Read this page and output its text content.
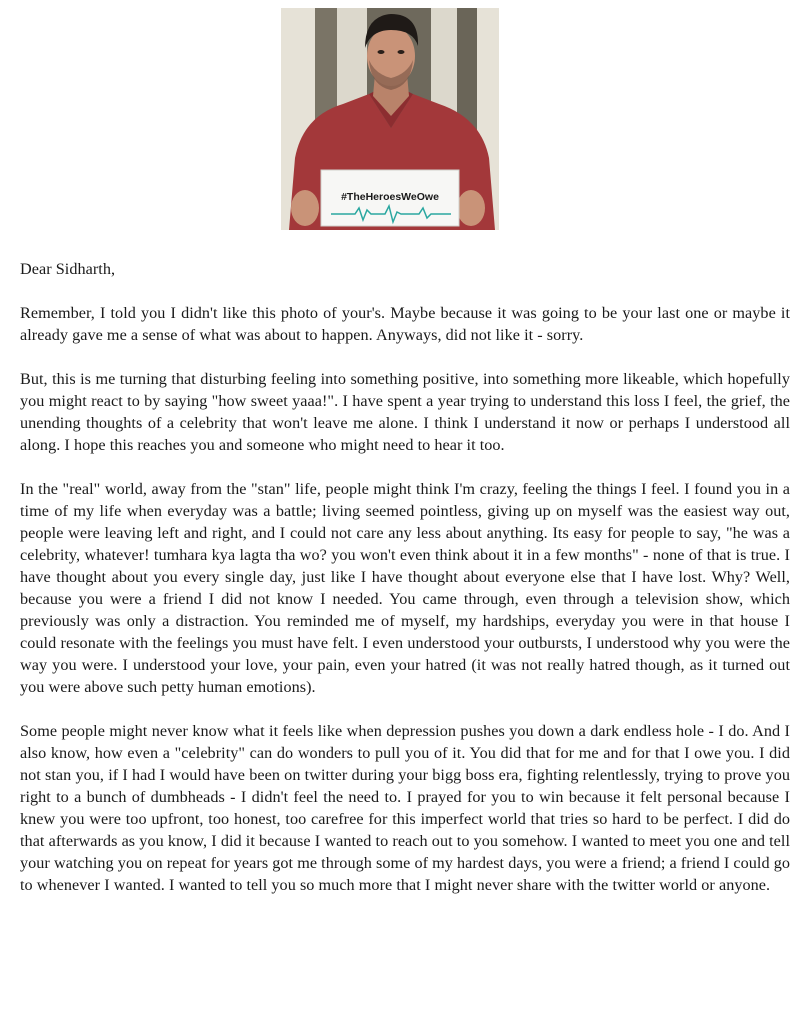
#TheHeroesWeOwe

Dear Sidharth,

Remember, I told you I didn't like this photo of your's. Maybe because it was going to be your last one or maybe it already gave me a sense of what was about to happen. Anyways, did not like it - sorry.

But, this is me turning that disturbing feeling into something positive, into something more likeable, which hopefully you might react to by saying "how sweet yaaa!". I have spent a year trying to understand this loss I feel, the grief, the unending thoughts of a celebrity that won't leave me alone. I think I understand it now or perhaps I understood all along. I hope this reaches you and someone who might need to hear it too.

In the "real" world, away from the "stan" life, people might think I'm crazy, feeling the things I feel. I found you in a time of my life when everyday was a battle; living seemed pointless, giving up on myself was the easiest way out, people were leaving left and right, and I could not care any less about anything. Its easy for people to say, "he was a celebrity, whatever! tumhara kya lagta tha wo? you won't even think about it in a few months" - none of that is true. I have thought about you every single day, just like I have thought about everyone else that I have lost. Why? Well, because you were a friend I did not know I needed. You came through, even through a television show, which previously was only a distraction. You reminded me of myself, my hardships, everyday you were in that house I could resonate with the feelings you must have felt. I even understood your outbursts, I understood why you were the way you were. I understood your love, your pain, even your hatred (it was not really hatred though, as it turned out you were above such petty human emotions).

Some people might never know what it feels like when depression pushes you down a dark endless hole - I do. And I also know, how even a "celebrity" can do wonders to pull you of it. You did that for me and for that I owe you. I did not stan you, if I had I would have been on twitter during your bigg boss era, fighting relentlessly, trying to prove you right to a bunch of dumbheads - I didn't feel the need to. I prayed for you to win because it felt personal because I knew you were too upfront, too honest, too carefree for this imperfect world that tries so hard to be perfect. I did do that afterwards as you know, I did it because I wanted to reach out to you somehow. I wanted to meet you one and tell your watching you on repeat for years got me through some of my hardest days, you were a friend; a friend I could go to whenever I wanted. I wanted to tell you so much more that I might never share with the twitter world or anyone.
